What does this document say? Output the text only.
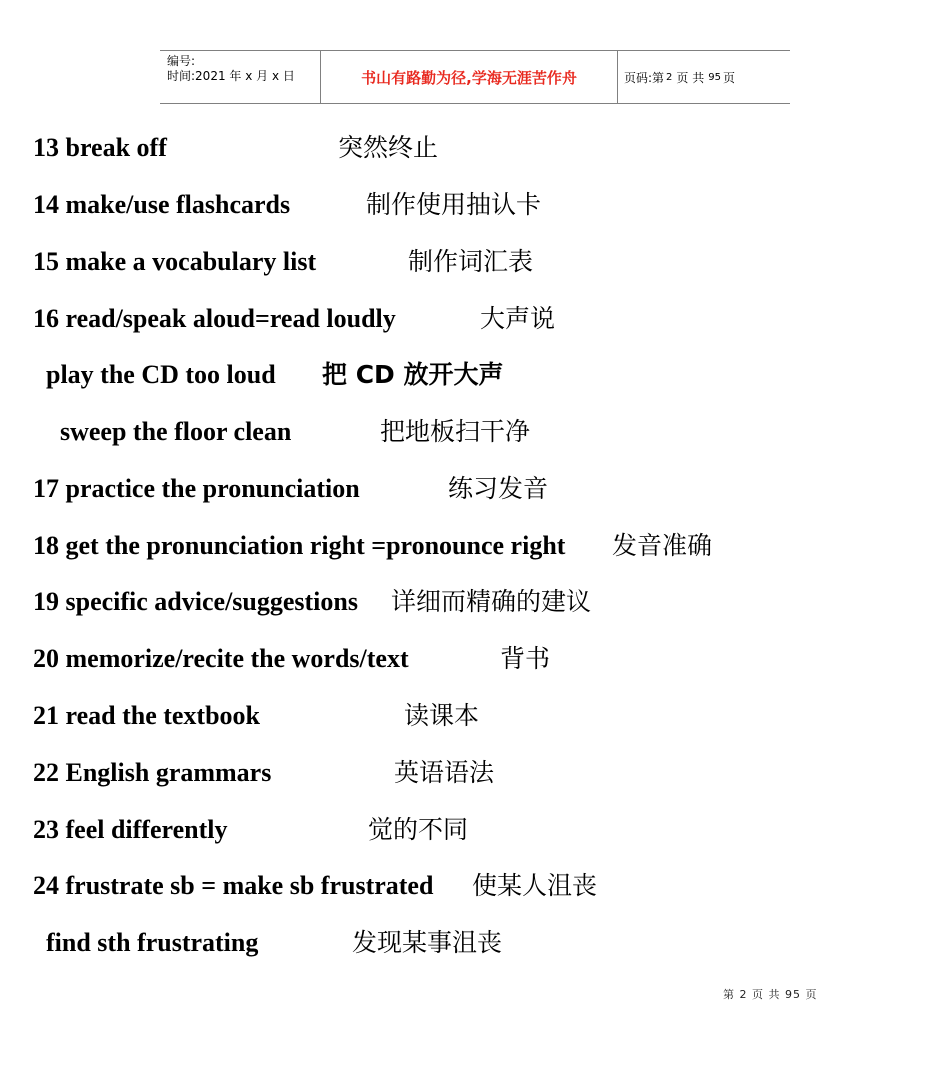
编号:
时间:2021 年 x 月 x 日	书山有路勤为径,学海无涯苦作舟	页码:第 2 页 共 95 页
13 break off	突然终止
14 make/use flashcards	制作使用抽认卡
15 make a vocabulary list	制作词汇表
16 read/speak aloud=read loudly	大声说
play the CD too loud 把 CD 放开大声
sweep the floor clean	把地板扫干净
17 practice the pronunciation	练习发音
18 get the pronunciation right =pronounce right 发音准确
19 specific advice/suggestions 详细而精确的建议
20 memorize/recite the words/text	背书
21 read the textbook	读课本
22 English grammars	英语语法
23 feel differently	觉的不同
24 frustrate sb = make sb frustrated 使某人沮丧
find sth frustrating	发现某事沮丧
第 2 页 共 95 页
